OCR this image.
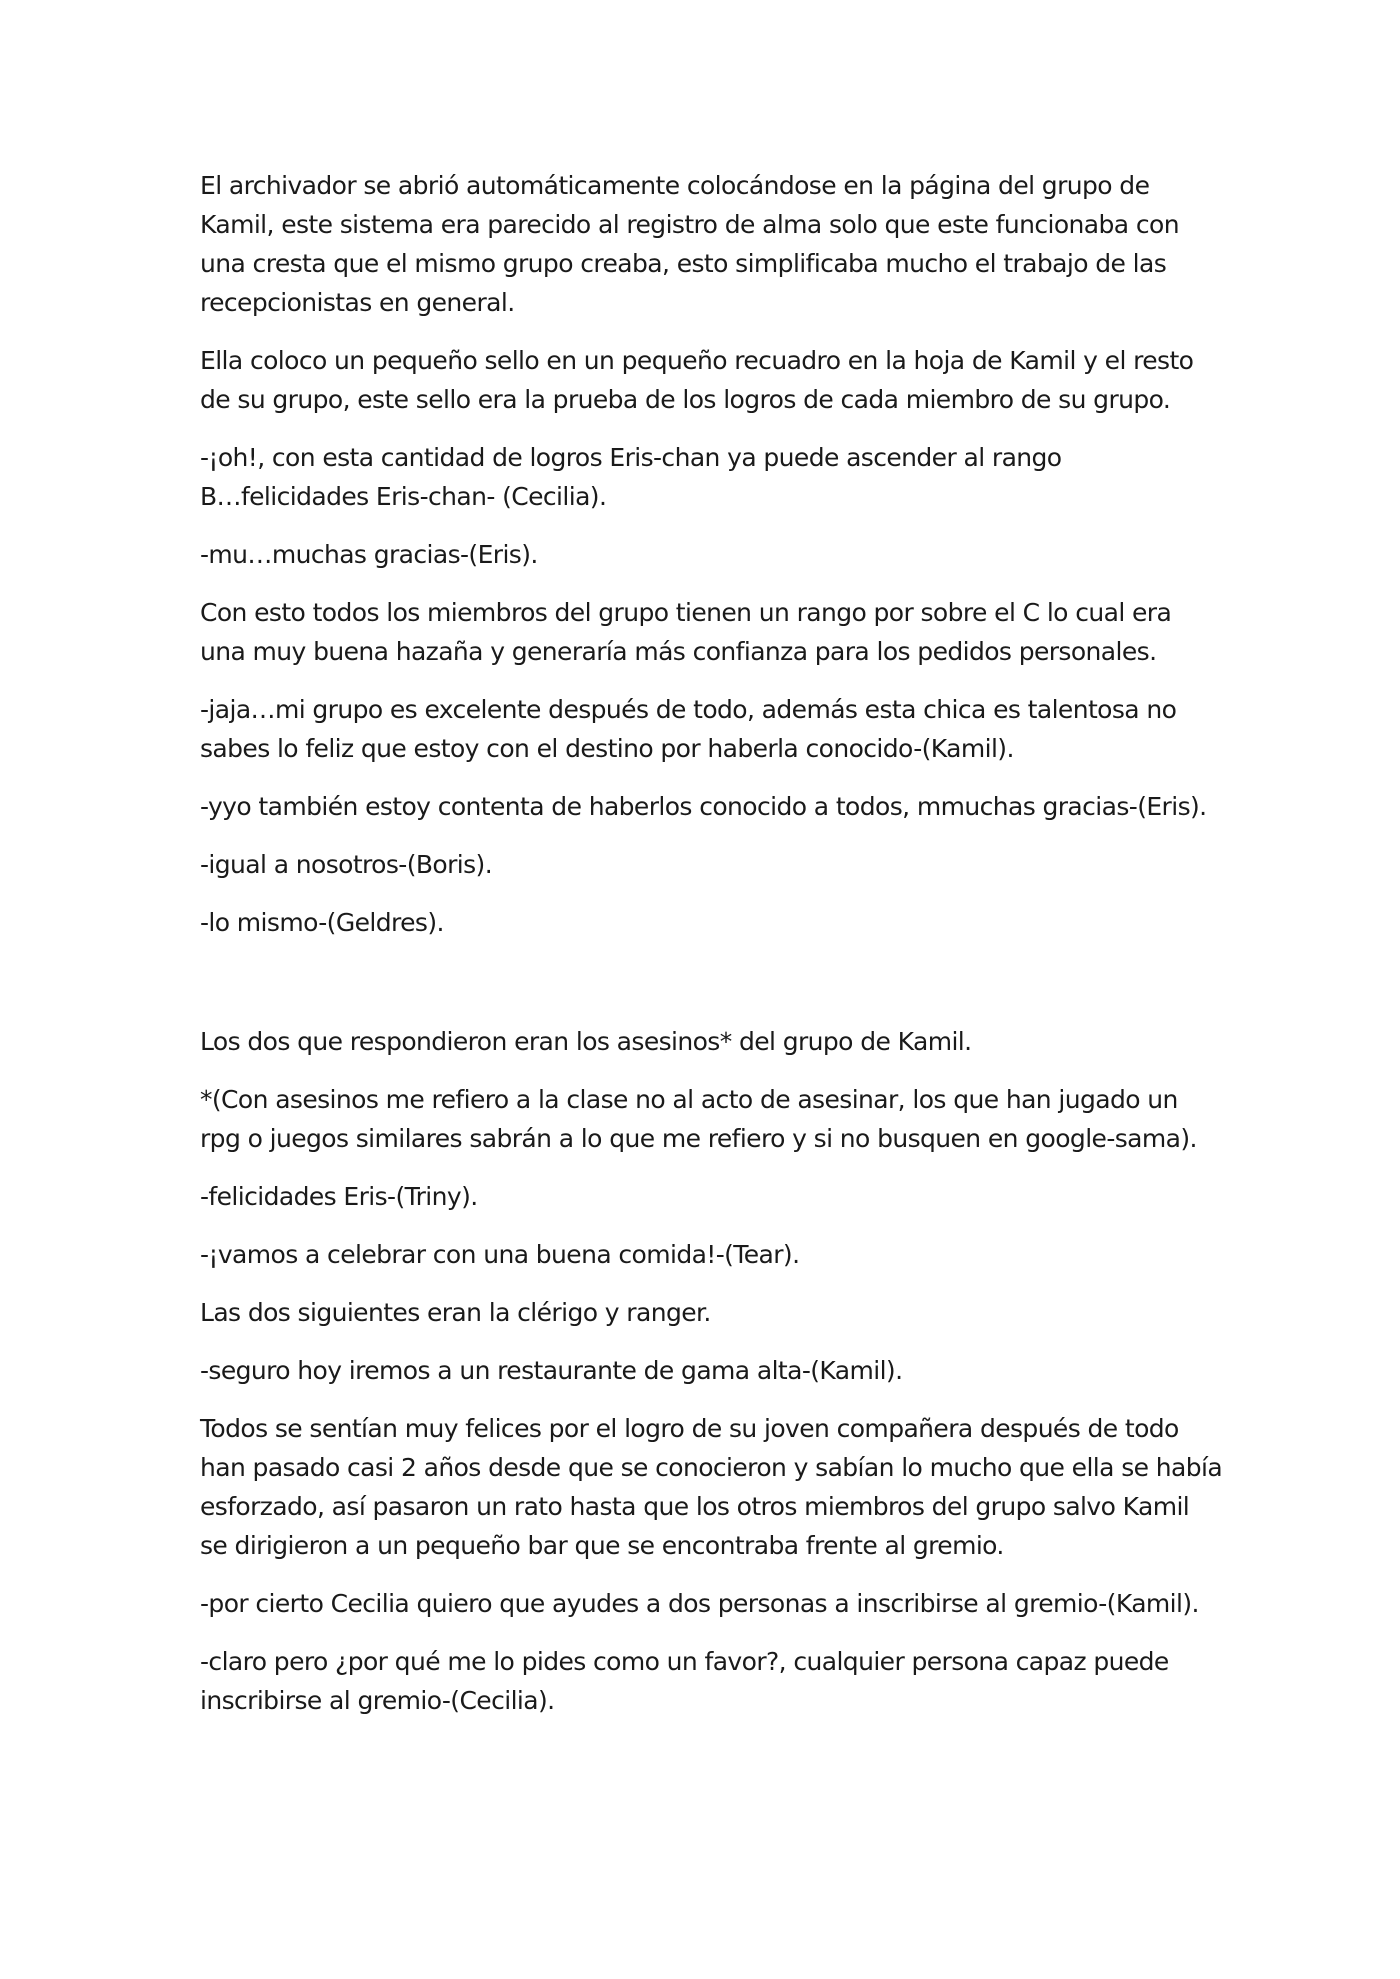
El archivador se abrió automáticamente colocándose en la página del grupo de
Kamil, este sistema era parecido al registro de alma solo que este funcionaba con
una cresta que el mismo grupo creaba, esto simplificaba mucho el trabajo de las
recepcionistas en general.

Ella coloco un pequeño sello en un pequeño recuadro en la hoja de Kamil y el resto
de su grupo, este sello era la prueba de los logros de cada miembro de su grupo.

-¡oh!, con esta cantidad de logros Eris-chan ya puede ascender al rango
B…felicidades Eris-chan- (Cecilia).

-mu…muchas gracias-(Eris).

Con esto todos los miembros del grupo tienen un rango por sobre el C lo cual era
una muy buena hazaña y generaría más confianza para los pedidos personales.

-jaja…mi grupo es excelente después de todo, además esta chica es talentosa no
sabes lo feliz que estoy con el destino por haberla conocido-(Kamil).

-yyo también estoy contenta de haberlos conocido a todos, mmuchas gracias-(Eris).

-igual a nosotros-(Boris).

-lo mismo-(Geldres).

Los dos que respondieron eran los asesinos* del grupo de Kamil.

*(Con asesinos me refiero a la clase no al acto de asesinar, los que han jugado un
rpg o juegos similares sabrán a lo que me refiero y si no busquen en google-sama).

-felicidades Eris-(Triny).

-¡vamos a celebrar con una buena comida!-(Tear).

Las dos siguientes eran la clérigo y ranger.

-seguro hoy iremos a un restaurante de gama alta-(Kamil).

Todos se sentían muy felices por el logro de su joven compañera después de todo
han pasado casi 2 años desde que se conocieron y sabían lo mucho que ella se había
esforzado, así pasaron un rato hasta que los otros miembros del grupo salvo Kamil
se dirigieron a un pequeño bar que se encontraba frente al gremio.

-por cierto Cecilia quiero que ayudes a dos personas a inscribirse al gremio-(Kamil).

-claro pero ¿por qué me lo pides como un favor?, cualquier persona capaz puede
inscribirse al gremio-(Cecilia).
